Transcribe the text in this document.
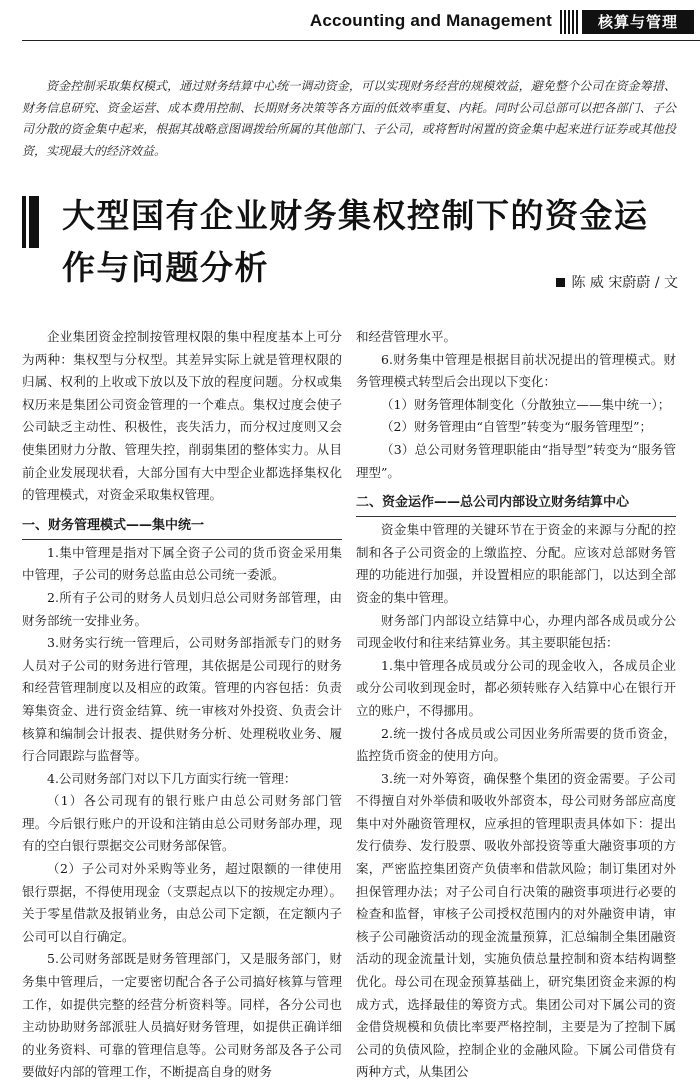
Accounting and Management	核算与管理

资金控制采取集权模式，通过财务结算中心统一调动资金，可以实现财务经营的规模效益，避免整个公司在资金筹措、财务信息研究、资金运营、成本费用控制、长期财务决策等各方面的低效率重复、内耗。同时公司总部可以把各部门、子公司分散的资金集中起来，根据其战略意图调拨给所属的其他部门、子公司，或将暂时闲置的资金集中起来进行证券或其他投资，实现最大的经济效益。

大型国有企业财务集权控制下的资金运作与问题分析	陈 威 宋蔚蔚 / 文

企业集团资金控制按管理权限的集中程度基本上可分为两种：集权型与分权型。其差异实际上就是管理权限的归属、权利的上收或下放以及下放的程度问题。分权或集权历来是集团公司资金管理的一个难点。集权过度会使子公司缺乏主动性、积极性，丧失活力，而分权过度则又会使集团财力分散、管理失控，削弱集团的整体实力。从目前企业发展现状看，大部分国有大中型企业都选择集权化的管理模式，对资金采取集权管理。

一、财务管理模式——集中统一

1.集中管理是指对下属全资子公司的货币资金采用集中管理，子公司的财务总监由总公司统一委派。

2.所有子公司的财务人员划归总公司财务部管理，由财务部统一安排业务。

3.财务实行统一管理后，公司财务部指派专门的财务人员对子公司的财务进行管理，其依据是公司现行的财务和经营管理制度以及相应的政策。管理的内容包括：负责筹集资金、进行资金结算、统一审核对外投资、负责会计核算和编制会计报表、提供财务分析、处理税收业务、履行合同跟踪与监督等。

4.公司财务部门对以下几方面实行统一管理：

（1）各公司现有的银行账户由总公司财务部门管理。今后银行账户的开设和注销由总公司财务部办理，现有的空白银行票据交公司财务部保管。

（2）子公司对外采购等业务，超过限额的一律使用银行票据，不得使用现金（支票起点以下的按规定办理）。关于零星借款及报销业务，由总公司下定额，在定额内子公司可以自行确定。

5.公司财务部既是财务管理部门，又是服务部门，财务集中管理后，一定要密切配合各子公司搞好核算与管理工作，如提供完整的经营分析资料等。同样，各分公司也主动协助财务部派驻人员搞好财务管理，如提供正确详细的业务资料、可靠的管理信息等。公司财务部及各子公司要做好内部的管理工作，不断提高自身的财务

和经营管理水平。

6.财务集中管理是根据目前状况提出的管理模式。财务管理模式转型后会出现以下变化：

（1）财务管理体制变化（分散独立——集中统一）；

（2）财务管理由“自管型”转变为“服务管理型”；

（3）总公司财务管理职能由“指导型”转变为“服务管理型”。

二、资金运作——总公司内部设立财务结算中心

资金集中管理的关键环节在于资金的来源与分配的控制和各子公司资金的上缴监控、分配。应该对总部财务管理的功能进行加强，并设置相应的职能部门，以达到全部资金的集中管理。

财务部门内部设立结算中心，办理内部各成员或分公司现金收付和往来结算业务。其主要职能包括：

1.集中管理各成员或分公司的现金收入，各成员企业或分公司收到现金时，都必须转账存入结算中心在银行开立的账户，不得挪用。

2.统一拨付各成员或公司因业务所需要的货币资金，监控货币资金的使用方向。

3.统一对外筹资，确保整个集团的资金需要。子公司不得擅自对外举债和吸收外部资本，母公司财务部应高度集中对外融资管理权，应承担的管理职责具体如下：提出发行债券、发行股票、吸收外部投资等重大融资事项的方案，严密监控集团资产负债率和借款风险；制订集团对外担保管理办法；对子公司自行决策的融资事项进行必要的检查和监督，审核子公司授权范围内的对外融资申请，审核子公司融资活动的现金流量预算，汇总编制全集团融资活动的现金流量计划，实施负债总量控制和资本结构调整优化。母公司在现金预算基础上，研究集团资金来源的构成方式，选择最佳的筹资方式。集团公司对下属公司的资金借贷规模和负债比率要严格控制，主要是为了控制下属公司的负债风险，控制企业的金融风险。下属公司借贷有两种方式，从集团公
